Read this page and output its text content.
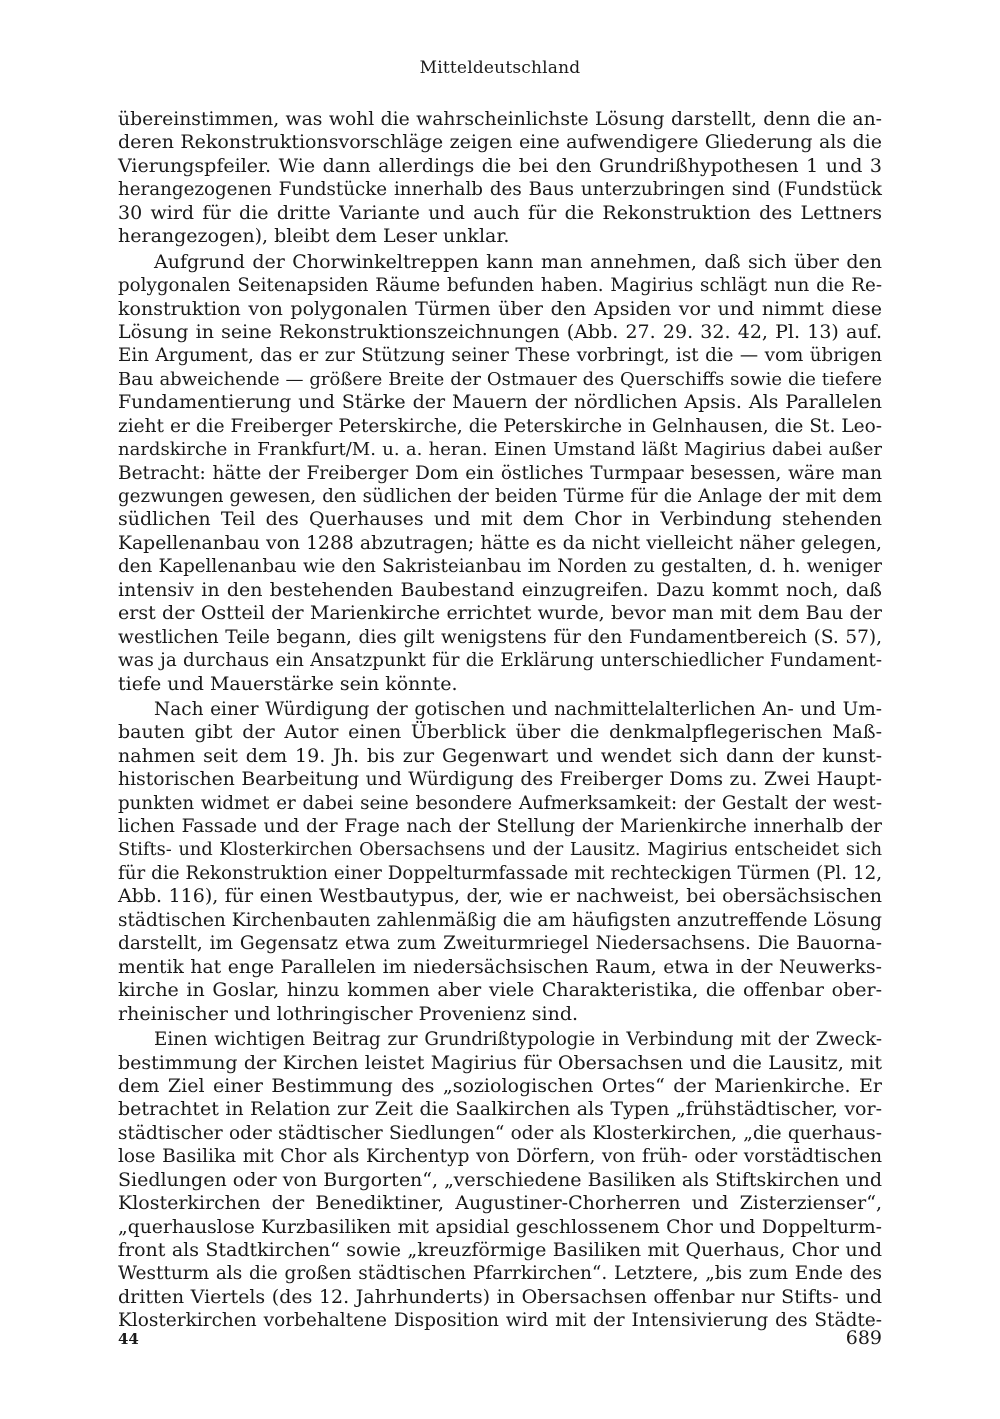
Mitteldeutschland
übereinstimmen, was wohl die wahrscheinlichste Lösung darstellt, denn die an-
deren Rekonstruktionsvorschläge zeigen eine aufwendigere Gliederung als die
Vierungspfeiler. Wie dann allerdings die bei den Grundrißhypothesen 1 und 3
herangezogenen Fundstücke innerhalb des Baus unterzubringen sind (Fundstück
30 wird für die dritte Variante und auch für die Rekonstruktion des Lettners
herangezogen), bleibt dem Leser unklar.
Aufgrund der Chorwinkeltreppen kann man annehmen, daß sich über den
polygonalen Seitenapsiden Räume befunden haben. Magirius schlägt nun die Re-
konstruktion von polygonalen Türmen über den Apsiden vor und nimmt diese
Lösung in seine Rekonstruktionszeichnungen (Abb. 27. 29. 32. 42, Pl. 13) auf.
Ein Argument, das er zur Stützung seiner These vorbringt, ist die — vom übrigen
Bau abweichende — größere Breite der Ostmauer des Querschiffs sowie die tiefere
Fundamentierung und Stärke der Mauern der nördlichen Apsis. Als Parallelen
zieht er die Freiberger Peterskirche, die Peterskirche in Gelnhausen, die St. Leo-
nardskirche in Frankfurt/M. u. a. heran. Einen Umstand läßt Magirius dabei außer
Betracht: hätte der Freiberger Dom ein östliches Turmpaar besessen, wäre man
gezwungen gewesen, den südlichen der beiden Türme für die Anlage der mit dem
südlichen Teil des Querhauses und mit dem Chor in Verbindung stehenden
Kapellenanbau von 1288 abzutragen; hätte es da nicht vielleicht näher gelegen,
den Kapellenanbau wie den Sakristeianbau im Norden zu gestalten, d. h. weniger
intensiv in den bestehenden Baubestand einzugreifen. Dazu kommt noch, daß
erst der Ostteil der Marienkirche errichtet wurde, bevor man mit dem Bau der
westlichen Teile begann, dies gilt wenigstens für den Fundamentbereich (S. 57),
was ja durchaus ein Ansatzpunkt für die Erklärung unterschiedlicher Fundament-
tiefe und Mauerstärke sein könnte.
Nach einer Würdigung der gotischen und nachmittelalterlichen An- und Um-
bauten gibt der Autor einen Überblick über die denkmalpflegerischen Maß-
nahmen seit dem 19. Jh. bis zur Gegenwart und wendet sich dann der kunst-
historischen Bearbeitung und Würdigung des Freiberger Doms zu. Zwei Haupt-
punkten widmet er dabei seine besondere Aufmerksamkeit: der Gestalt der west-
lichen Fassade und der Frage nach der Stellung der Marienkirche innerhalb der
Stifts- und Klosterkirchen Obersachsens und der Lausitz. Magirius entscheidet sich
für die Rekonstruktion einer Doppelturmfassade mit rechteckigen Türmen (Pl. 12,
Abb. 116), für einen Westbautypus, der, wie er nachweist, bei obersächsischen
städtischen Kirchenbauten zahlenmäßig die am häufigsten anzutreffende Lösung
darstellt, im Gegensatz etwa zum Zweiturmriegel Niedersachsens. Die Bauorna-
mentik hat enge Parallelen im niedersächsischen Raum, etwa in der Neuwerks-
kirche in Goslar, hinzu kommen aber viele Charakteristika, die offenbar ober-
rheinischer und lothringischer Provenienz sind.
Einen wichtigen Beitrag zur Grundrißtypologie in Verbindung mit der Zweck-
bestimmung der Kirchen leistet Magirius für Obersachsen und die Lausitz, mit
dem Ziel einer Bestimmung des „soziologischen Ortes“ der Marienkirche. Er
betrachtet in Relation zur Zeit die Saalkirchen als Typen „frühstädtischer, vor-
städtischer oder städtischer Siedlungen“ oder als Klosterkirchen, „die querhaus-
lose Basilika mit Chor als Kirchentyp von Dörfern, von früh- oder vorstädtischen
Siedlungen oder von Burgorten“, „verschiedene Basiliken als Stiftskirchen und
Klosterkirchen der Benediktiner, Augustiner-Chorherren und Zisterzienser“,
„querhauslose Kurzbasiliken mit apsidial geschlossenem Chor und Doppelturm-
front als Stadtkirchen“ sowie „kreuzförmige Basiliken mit Querhaus, Chor und
Westturm als die großen städtischen Pfarrkirchen“. Letztere, „bis zum Ende des
dritten Viertels (des 12. Jahrhunderts) in Obersachsen offenbar nur Stifts- und
Klosterkirchen vorbehaltene Disposition wird mit der Intensivierung des Städte-
44	689
